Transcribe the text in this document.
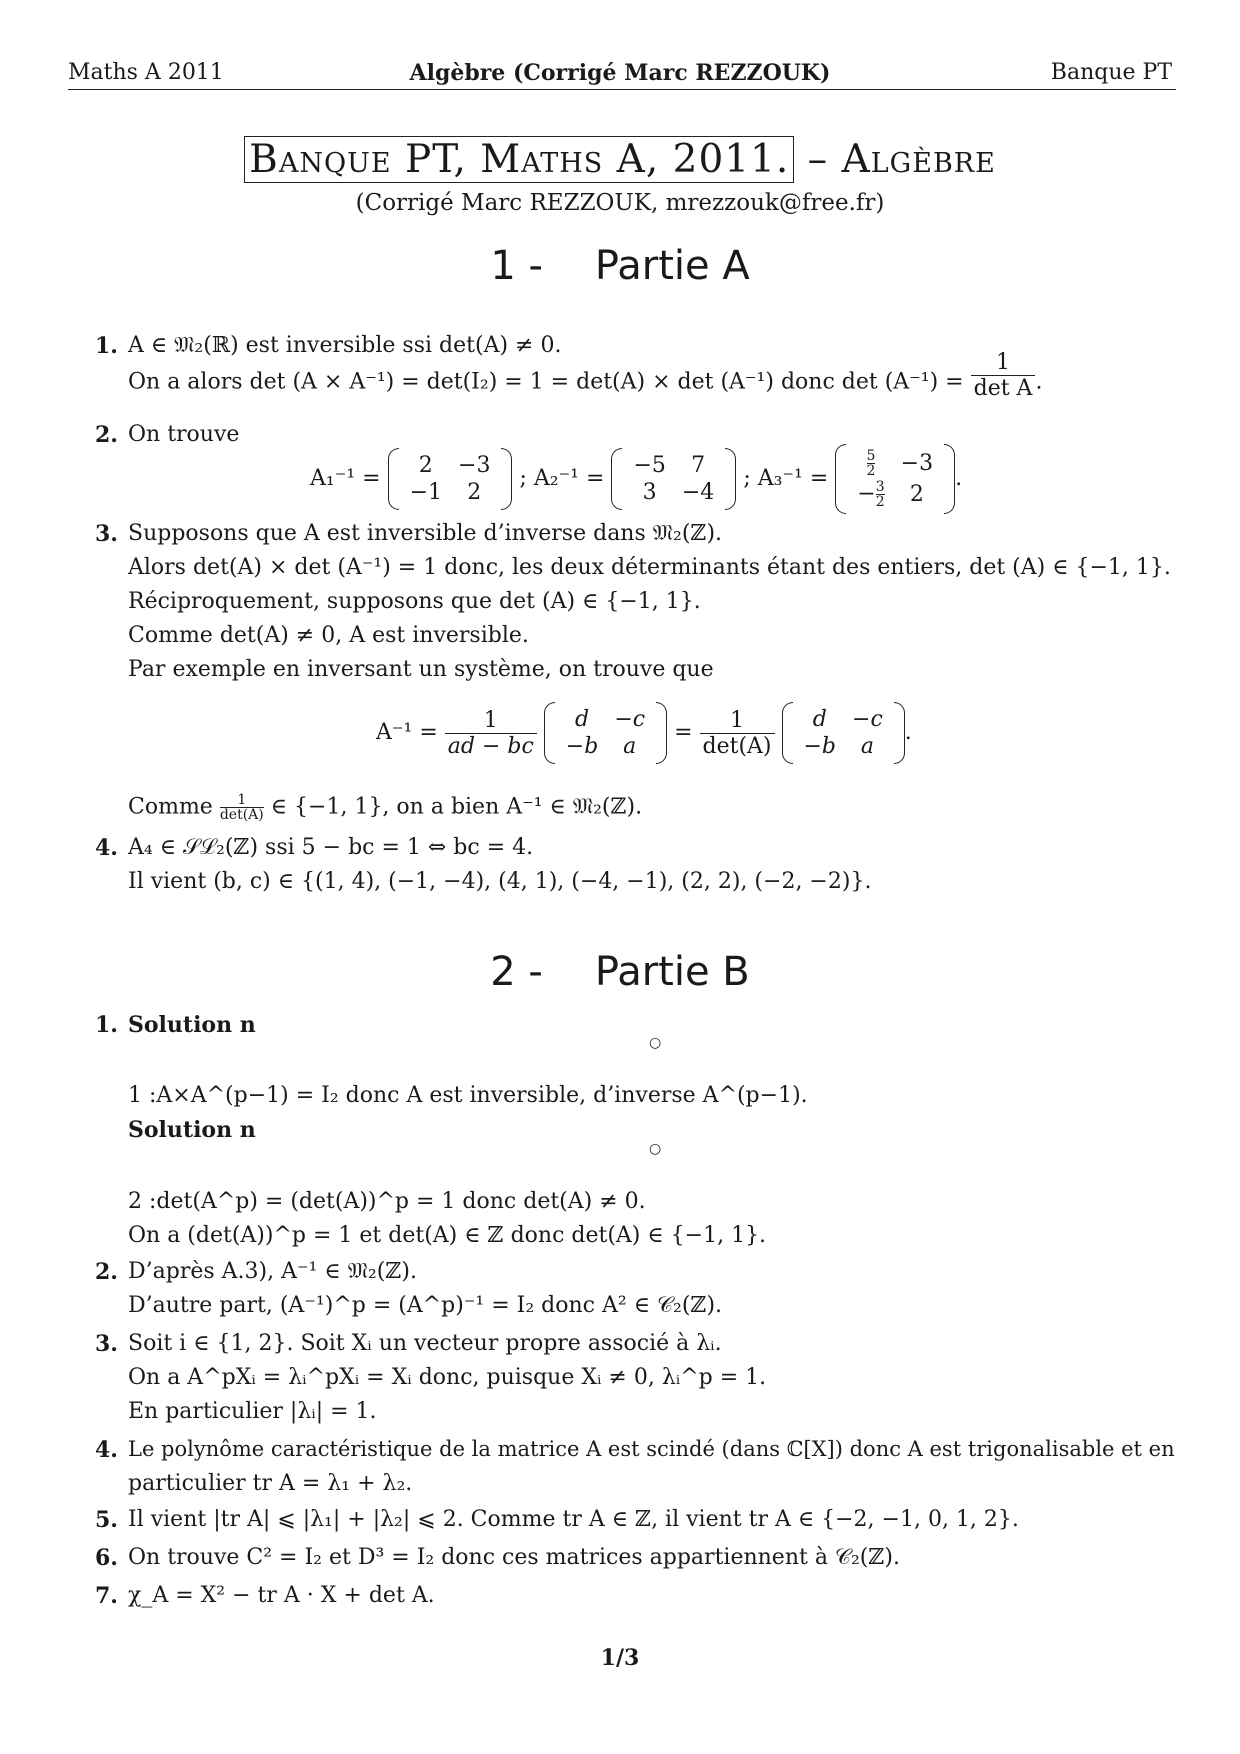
Maths A 2011	Algèbre (Corrigé Marc REZZOUK)	Banque PT
Banque PT, Maths A, 2011. – Algèbre
(Corrigé Marc REZZOUK, mrezzouk@free.fr)
1 - Partie A
1. A ∈ 𝔐₂(ℝ) est inversible ssi det(A) ≠ 0.
On a alors det (A × A⁻¹) = det(I₂) = 1 = det(A) × det (A⁻¹) donc $\det (A^{-1}) = \frac{1}{\text{det A}}$ .
2. On trouve
A₁⁻¹ =
2	−3
−1	2
; A₂⁻¹ =
−5	7
3	−4
; A₃⁻¹ =
$\frac{5}{2}$	−3
− $\frac{3}{2}$	2
.
3. Supposons que A est inversible d’inverse dans 𝔐₂(ℤ).
Alors det(A) × det (A⁻¹) = 1 donc, les deux déterminants étant des entiers, det (A) ∈ {−1, 1}.
Réciproquement, supposons que det (A) ∈ {−1, 1}.
Comme det(A) ≠ 0, A est inversible.
Par exemple en inversant un système, on trouve que
$A^{-1} = \frac{1}{ad - bc}$
d	−c
−b	a
= $\frac{1}{\det(A)}$
d	−c
−b	a
.
Comme	1
det(A) ∈ {−1, 1}, on a bien A⁻¹ ∈ 𝔐₂(ℤ).
4. A₄ ∈ 𝒮ℒ₂(ℤ) ssi 5 − bc = 1 ⇔ bc = 4.
Il vient (b, c) ∈ {(1, 4), (−1, −4), (4, 1), (−4, −1), (2, 2), (−2, −2)}.
2 - Partie B
1. Solution n
○
1 :A×A^(p−1) = I₂ donc A est inversible, d’inverse A^(p−1).
Solution n
○
2 :det(A^p) = (det(A))^p = 1 donc det(A) ≠ 0.
On a (det(A))^p = 1 et det(A) ∈ ℤ donc det(A) ∈ {−1, 1}.
2. D’après A.3), A⁻¹ ∈ 𝔐₂(ℤ).
D’autre part, (A⁻¹)^p = (A^p)⁻¹ = I₂ donc A² ∈ 𝒞₂(ℤ).
3. Soit i ∈ {1, 2}. Soit Xᵢ un vecteur propre associé à λᵢ.
On a A^pXᵢ = λᵢ^pXᵢ = Xᵢ donc, puisque Xᵢ ≠ 0, λᵢ^p = 1.
En particulier |λᵢ| = 1.
4. Le polynôme caractéristique de la matrice A est scindé (dans ℂ[X]) donc A est trigonalisable et en
particulier tr A = λ₁ + λ₂.
5. Il vient |tr A| ⩽ |λ₁| + |λ₂| ⩽ 2. Comme tr A ∈ ℤ, il vient tr A ∈ {−2, −1, 0, 1, 2}.
6. On trouve C² = I₂ et D³ = I₂ donc ces matrices appartiennent à 𝒞₂(ℤ).
7. χ_A = X² − tr A · X + det A.
1/3
